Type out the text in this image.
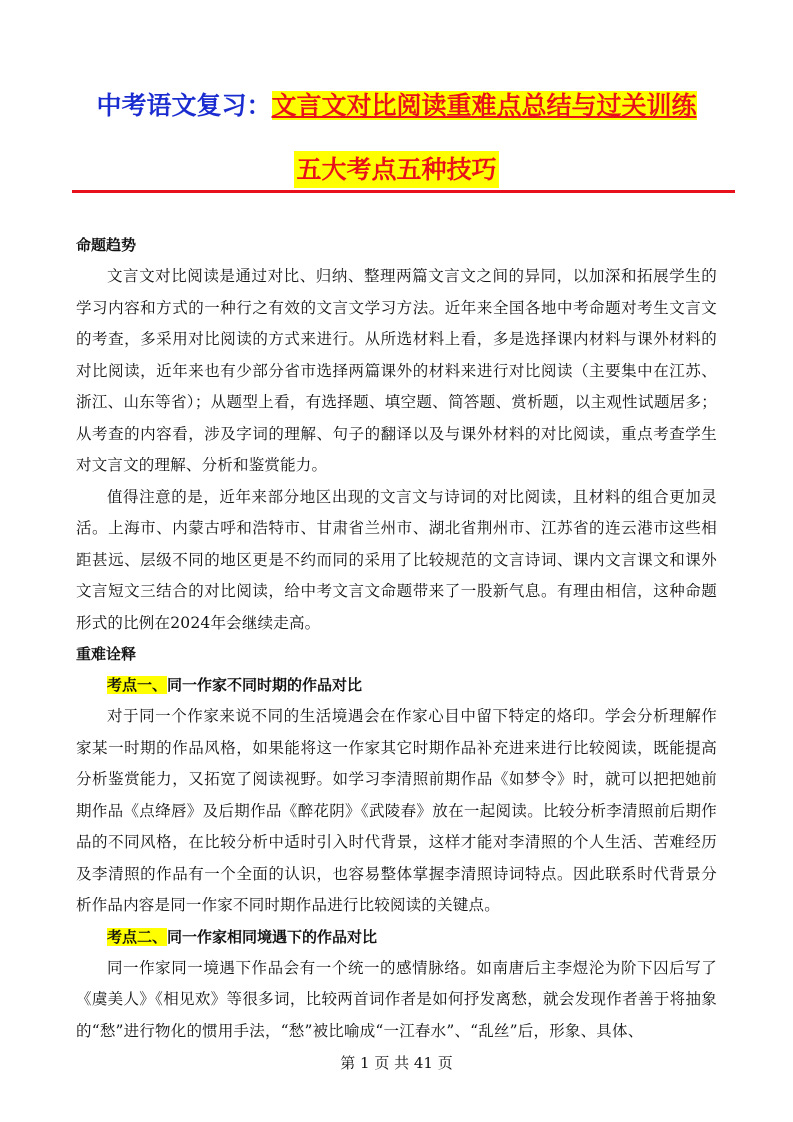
中考语文复习：文言文对比阅读重难点总结与过关训练
五大考点五种技巧

命题趋势

文言文对比阅读是通过对比、归纳、整理两篇文言文之间的异同，以加深和拓展学生的学习内容和方式的一种行之有效的文言文学习方法。近年来全国各地中考命题对考生文言文的考查，多采用对比阅读的方式来进行。从所选材料上看，多是选择课内材料与课外材料的对比阅读，近年来也有少部分省市选择两篇课外的材料来进行对比阅读（主要集中在江苏、浙江、山东等省）；从题型上看，有选择题、填空题、简答题、赏析题，以主观性试题居多；从考查的内容看，涉及字词的理解、句子的翻译以及与课外材料的对比阅读，重点考查学生对文言文的理解、分析和鉴赏能力。

值得注意的是，近年来部分地区出现的文言文与诗词的对比阅读，且材料的组合更加灵活。上海市、内蒙古呼和浩特市、甘肃省兰州市、湖北省荆州市、江苏省的连云港市这些相距甚远、层级不同的地区更是不约而同的采用了比较规范的文言诗词、课内文言课文和课外文言短文三结合的对比阅读，给中考文言文命题带来了一股新气息。有理由相信，这种命题形式的比例在2024年会继续走高。

重难诠释

考点一、同一作家不同时期的作品对比

对于同一个作家来说不同的生活境遇会在作家心目中留下特定的烙印。学会分析理解作家某一时期的作品风格，如果能将这一作家其它时期作品补充进来进行比较阅读，既能提高分析鉴赏能力，又拓宽了阅读视野。如学习李清照前期作品《如梦令》时，就可以把把她前期作品《点绛唇》及后期作品《醉花阴》《武陵春》放在一起阅读。比较分析李清照前后期作品的不同风格，在比较分析中适时引入时代背景，这样才能对李清照的个人生活、苦难经历及李清照的作品有一个全面的认识，也容易整体掌握李清照诗词特点。因此联系时代背景分析作品内容是同一作家不同时期作品进行比较阅读的关键点。

考点二、同一作家相同境遇下的作品对比

同一作家同一境遇下作品会有一个统一的感情脉络。如南唐后主李煜沦为阶下囚后写了《虞美人》《相见欢》等很多词，比较两首词作者是如何抒发离愁，就会发现作者善于将抽象的“愁”进行物化的惯用手法，“愁”被比喻成“一江春水”、“乱丝”后，形象、具体、

第 1 页 共 41 页
